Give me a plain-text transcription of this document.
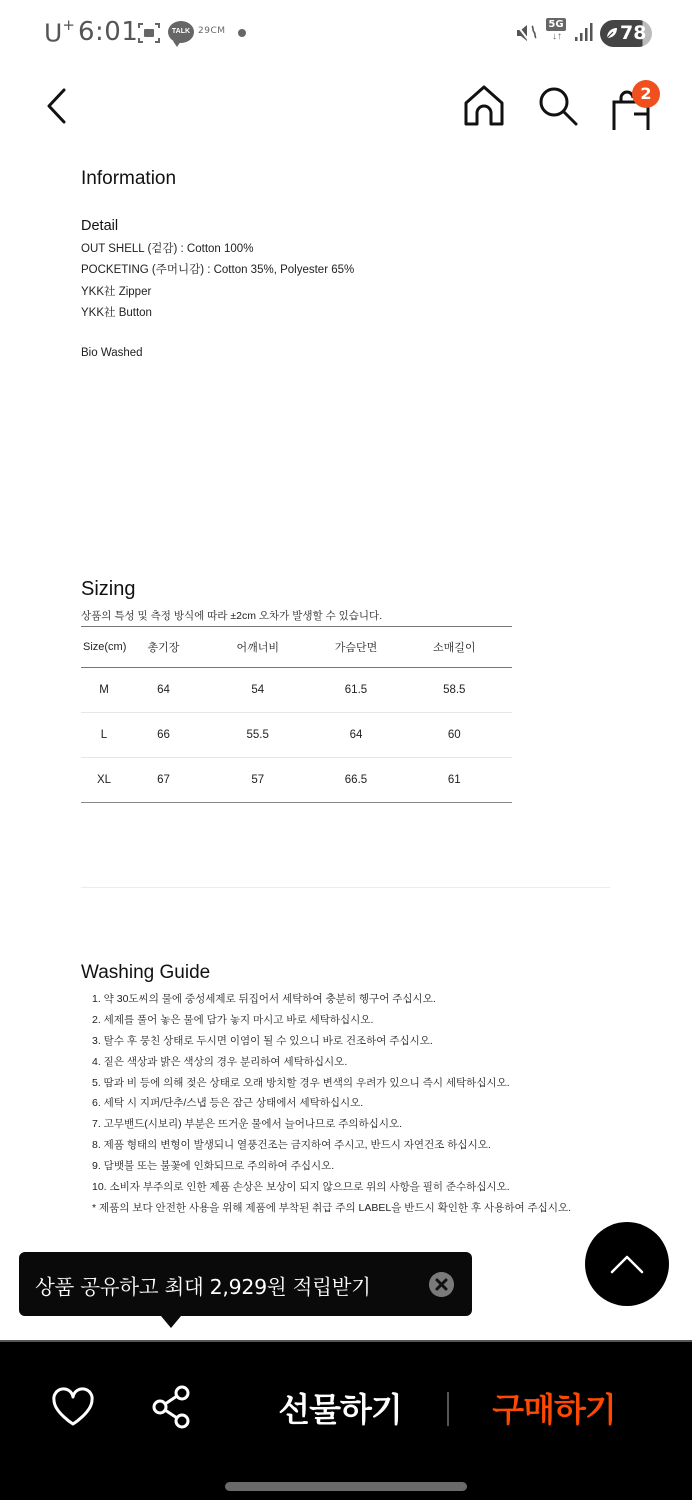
U+ 6:01	TALK 29CM
5G
↓↑	78
2
Information
Detail
OUT SHELL (겉감) : Cotton 100%
POCKETING (주머니감) : Cotton 35%, Polyester 65%
YKK社 Zipper
YKK社 Button
Bio Washed
Sizing
상품의 특성 및 측정 방식에 따라 ±2cm 오차가 발생할 수 있습니다.
Size(cm)	총기장	어깨너비	가슴단면	소매길이
M	64	54	61.5	58.5
L	66	55.5	64	60
XL	67	57	66.5	61
Washing Guide
1. 약 30도씨의 물에 중성세제로 뒤집어서 세탁하여 충분히 헹구어 주십시오.
2. 세제를 풀어 놓은 물에 담가 놓지 마시고 바로 세탁하십시오.
3. 탈수 후 뭉친 상태로 두시면 이염이 될 수 있으니 바로 건조하여 주십시오.
4. 짙은 색상과 밝은 색상의 경우 분리하여 세탁하십시오.
5. 땀과 비 등에 의해 젖은 상태로 오래 방치할 경우 변색의 우려가 있으니 즉시 세탁하십시오.
6. 세탁 시 지퍼/단추/스냅 등은 잠근 상태에서 세탁하십시오.
7. 고무밴드(시보리) 부분은 뜨거운 물에서 늘어나므로 주의하십시오.
8. 제품 형태의 변형이 발생되니 열풍건조는 금지하여 주시고, 반드시 자연건조 하십시오.
9. 담뱃불 또는 불꽃에 인화되므로 주의하여 주십시오.
10. 소비자 부주의로 인한 제품 손상은 보상이 되지 않으므로 위의 사항을 필히 준수하십시오.
* 제품의 보다 안전한 사용을 위해 제품에 부착된 취급 주의 LABEL을 반드시 확인한 후 사용하여 주십시오.
상품 공유하고 최대 2,929원 적립받기
선물하기	구매하기
